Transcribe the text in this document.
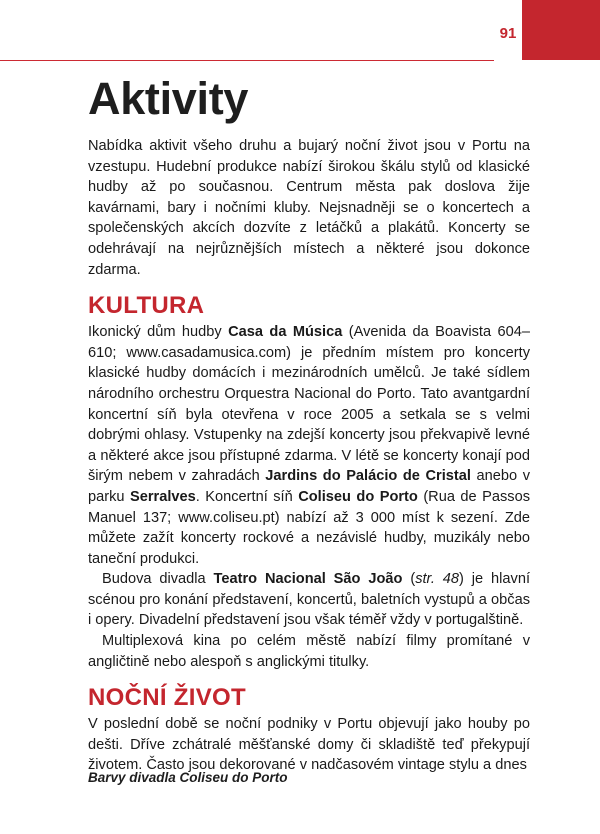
91
Aktivity

Nabídka aktivit všeho druhu a bujarý noční život jsou v Portu na vzestupu. Hudební produkce nabízí širokou škálu stylů od klasické hudby až po současnou. Centrum města pak doslova žije kavárnami, bary i nočními kluby. Nejsnadněji se o koncertech a společenských akcích dozvíte z letáčků a plakátů. Koncerty se odehrávají na nejrůznějších místech a některé jsou dokonce zdarma.

KULTURA

Ikonický dům hudby Casa da Música (Avenida da Boavista 604–610; www.casadamusica.com) je předním místem pro koncerty klasické hudby domácích i mezinárodních umělců. Je také sídlem národního orchestru Orquestra Nacional do Porto. Tato avantgardní koncertní síň byla otevřena v roce 2005 a setkala se s velmi dobrými ohlasy. Vstupenky na zdejší koncerty jsou překvapivě levné a některé akce jsou přístupné zdarma. V létě se koncerty konají pod širým nebem v zahradách Jardins do Palácio de Cristal anebo v parku Serralves. Koncertní síň Coliseu do Porto (Rua de Passos Manuel 137; www.coliseu.pt) nabízí až 3 000 míst k sezení. Zde můžete zažít koncerty rockové a nezávislé hudby, muzikály nebo taneční produkci.

Budova divadla Teatro Nacional São João (str. 48) je hlavní scénou pro konání představení, koncertů, baletních vystupů a občas i opery. Divadelní představení jsou však téměř vždy v portugalštině.

Multiplexová kina po celém městě nabízí filmy promítané v angličtině nebo alespoň s anglickými titulky.

NOČNÍ ŽIVOT

V poslední době se noční podniky v Portu objevují jako houby po dešti. Dříve zchátralé měšťanské domy či skladiště teď překypují životem. Často jsou dekorované v nadčasovém vintage stylu a dnes

Barvy divadla Coliseu do Porto
